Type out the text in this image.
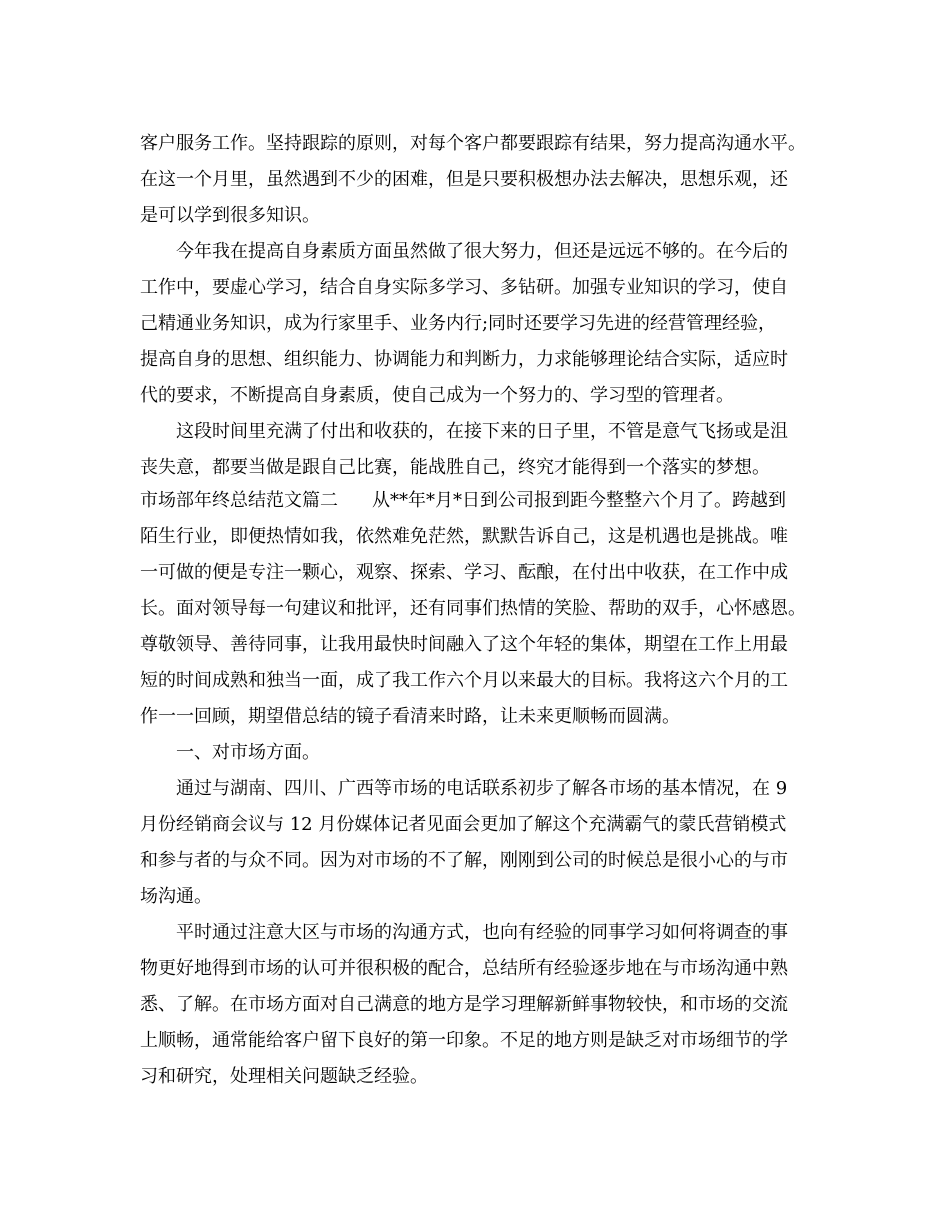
客户服务工作。坚持跟踪的原则，对每个客户都要跟踪有结果，努力提高沟通水平。
在这一个月里，虽然遇到不少的困难，但是只要积极想办法去解决，思想乐观，还
是可以学到很多知识。
今年我在提高自身素质方面虽然做了很大努力，但还是远远不够的。在今后的
工作中，要虚心学习，结合自身实际多学习、多钻研。加强专业知识的学习，使自
己精通业务知识，成为行家里手、业务内行;同时还要学习先进的经营管理经验，
提高自身的思想、组织能力、协调能力和判断力，力求能够理论结合实际，适应时
代的要求，不断提高自身素质，使自己成为一个努力的、学习型的管理者。
这段时间里充满了付出和收获的，在接下来的日子里，不管是意气飞扬或是沮
丧失意，都要当做是跟自己比赛，能战胜自己，终究才能得到一个落实的梦想。
市场部年终总结范文篇二 从**年*月*日到公司报到距今整整六个月了。跨越到
陌生行业，即便热情如我，依然难免茫然，默默告诉自己，这是机遇也是挑战。唯
一可做的便是专注一颗心，观察、探索、学习、酝酿，在付出中收获，在工作中成
长。面对领导每一句建议和批评，还有同事们热情的笑脸、帮助的双手，心怀感恩。
尊敬领导、善待同事，让我用最快时间融入了这个年轻的集体，期望在工作上用最
短的时间成熟和独当一面，成了我工作六个月以来最大的目标。我将这六个月的工
作一一回顾，期望借总结的镜子看清来时路，让未来更顺畅而圆满。
一、对市场方面。
通过与湖南、四川、广西等市场的电话联系初步了解各市场的基本情况，在 9
月份经销商会议与 12 月份媒体记者见面会更加了解这个充满霸气的蒙氏营销模式
和参与者的与众不同。因为对市场的不了解，刚刚到公司的时候总是很小心的与市
场沟通。
平时通过注意大区与市场的沟通方式，也向有经验的同事学习如何将调查的事
物更好地得到市场的认可并很积极的配合，总结所有经验逐步地在与市场沟通中熟
悉、了解。在市场方面对自己满意的地方是学习理解新鲜事物较快，和市场的交流
上顺畅，通常能给客户留下良好的第一印象。不足的地方则是缺乏对市场细节的学
习和研究，处理相关问题缺乏经验。
